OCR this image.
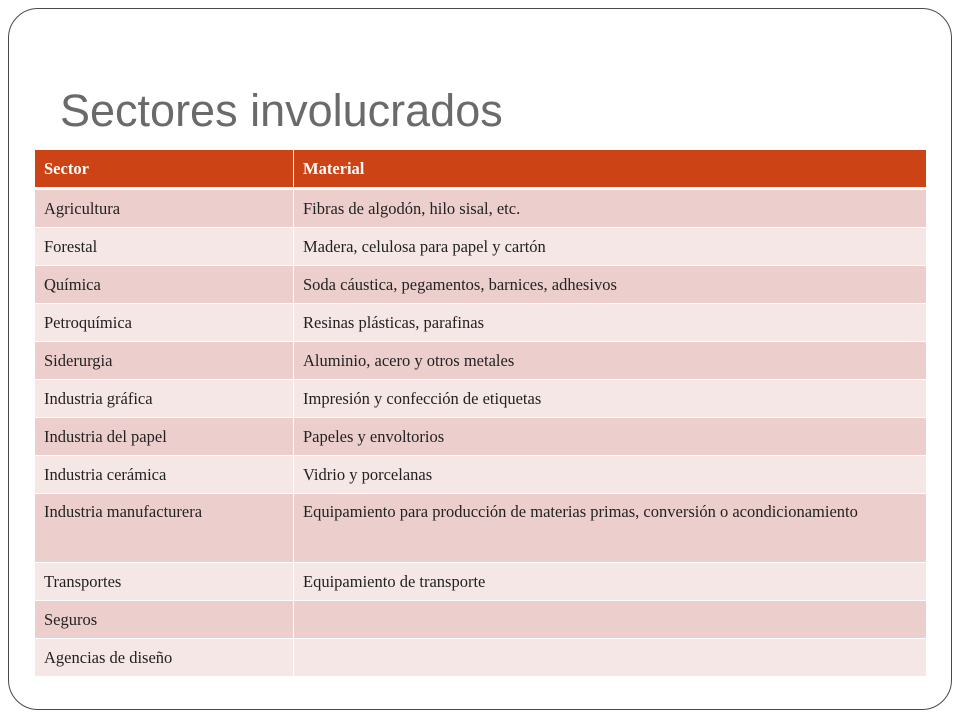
Sectores involucrados
Sector	Material
Agricultura	Fibras de algodón, hilo sisal, etc.
Forestal	Madera, celulosa para papel y cartón
Química	Soda cáustica, pegamentos, barnices, adhesivos
Petroquímica	Resinas plásticas, parafinas
Siderurgia	Aluminio, acero y otros metales
Industria gráfica	Impresión y confección de etiquetas
Industria del papel	Papeles y envoltorios
Industria cerámica	Vidrio y porcelanas
Industria manufacturera	Equipamiento para producción de materias primas, conversión o acondicionamiento
Transportes	Equipamiento de transporte
Seguros	
Agencias de diseño	
